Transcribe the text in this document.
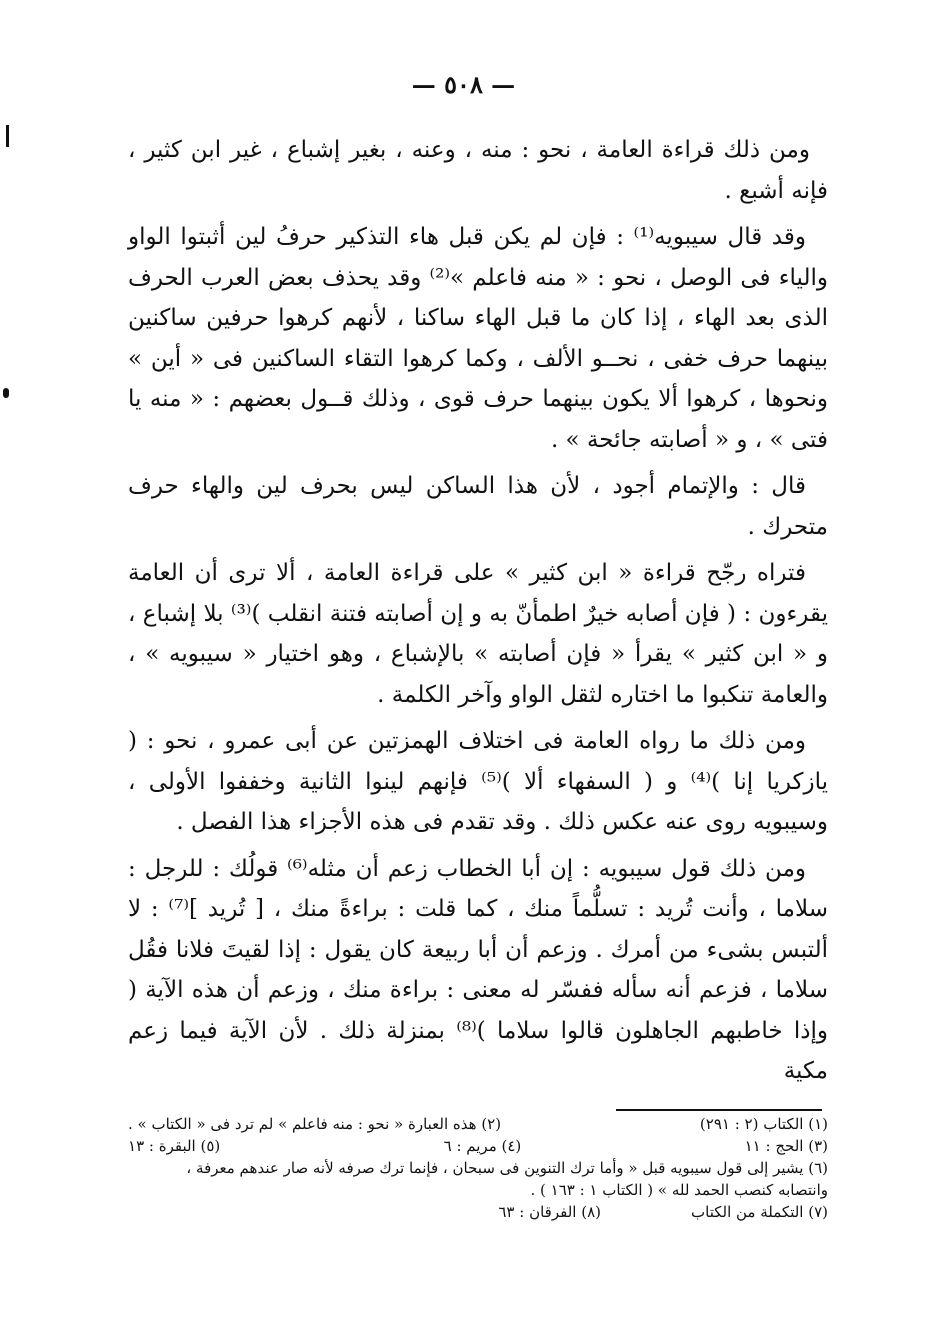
— ٥٠٨ —

ومن ذلك قراءة العامة ، نحو : منه ، وعنه ، بغير إشباع ، غير ابن كثير ، فإنه أشبع .

وقد قال سيبويه⁽¹⁾ : فإن لم يكن قبل هاء التذكير حرفُ لين أثبتوا الواو والياء فى الوصل ، نحو : « منه فاعلم »⁽²⁾ وقد يحذف بعض العرب الحرف الذى بعد الهاء ، إذا كان ما قبل الهاء ساكنا ، لأنهم كرهوا حرفين ساكنين بينهما حرف خفى ، نحــو الألف ، وكما كرهوا التقاء الساكنين فى « أين » ونحوها ، كرهوا ألا يكون بينهما حرف قوى ، وذلك قــول بعضهم : « منه يا فتى » ، و « أصابته جائحة » .

قال : والإتمام أجود ، لأن هذا الساكن ليس بحرف لين والهاء حرف متحرك .

فتراه رجّح قراءة « ابن كثير » على قراءة العامة ، ألا ترى أن العامة يقرءون : ( فإن أصابه خيرٌ اطمأنّ به و إن أصابته فتنة انقلب )⁽³⁾ بلا إشباع ، و « ابن كثير » يقرأ « فإن أصابته » بالإشباع ، وهو اختيار « سيبويه » ، والعامة تنكبوا ما اختاره لثقل الواو وآخر الكلمة .

ومن ذلك ما رواه العامة فى اختلاف الهمزتين عن أبى عمرو ، نحو : ( يازكريا إنا )⁽⁴⁾ و ( السفهاء ألا )⁽⁵⁾ فإنهم لينوا الثانية وخففوا الأولى ، وسيبويه روى عنه عكس ذلك . وقد تقدم فى هذه الأجزاء هذا الفصل .

ومن ذلك قول سيبويه : إن أبا الخطاب زعم أن مثله⁽⁶⁾ قولُك : للرجل : سلاما ، وأنت تُريد : تسلُّماً منك ، كما قلت : براءةً منك ، [ تُريد ]⁽⁷⁾ : لا ألتبس بشىء من أمرك . وزعم أن أبا ربيعة كان يقول : إذا لقيتَ فلانا فقُل سلاما ، فزعم أنه سأله ففسّر له معنى : براءة منك ، وزعم أن هذه الآية ( وإذا خاطبهم الجاهلون قالوا سلاما )⁽⁸⁾ بمنزلة ذلك . لأن الآية فيما زعم مكية

(١) الكتاب (٢ : ٢٩١)
(٢) هذه العبارة « نحو : منه فاعلم » لم ترد فى « الكتاب » .
(٣) الحج : ١١
(٤) مريم : ٦
(٥) البقرة : ١٣
(٦) يشير إلى قول سيبويه قبل « وأما ترك التنوين فى سبحان ، فإنما ترك صرفه لأنه صار عندهم معرفة ،
وانتصابه كنصب الحمد لله » ( الكتاب ١ : ١٦٣ ) .
(٧) التكملة من الكتاب
(٨) الفرقان : ٦٣
